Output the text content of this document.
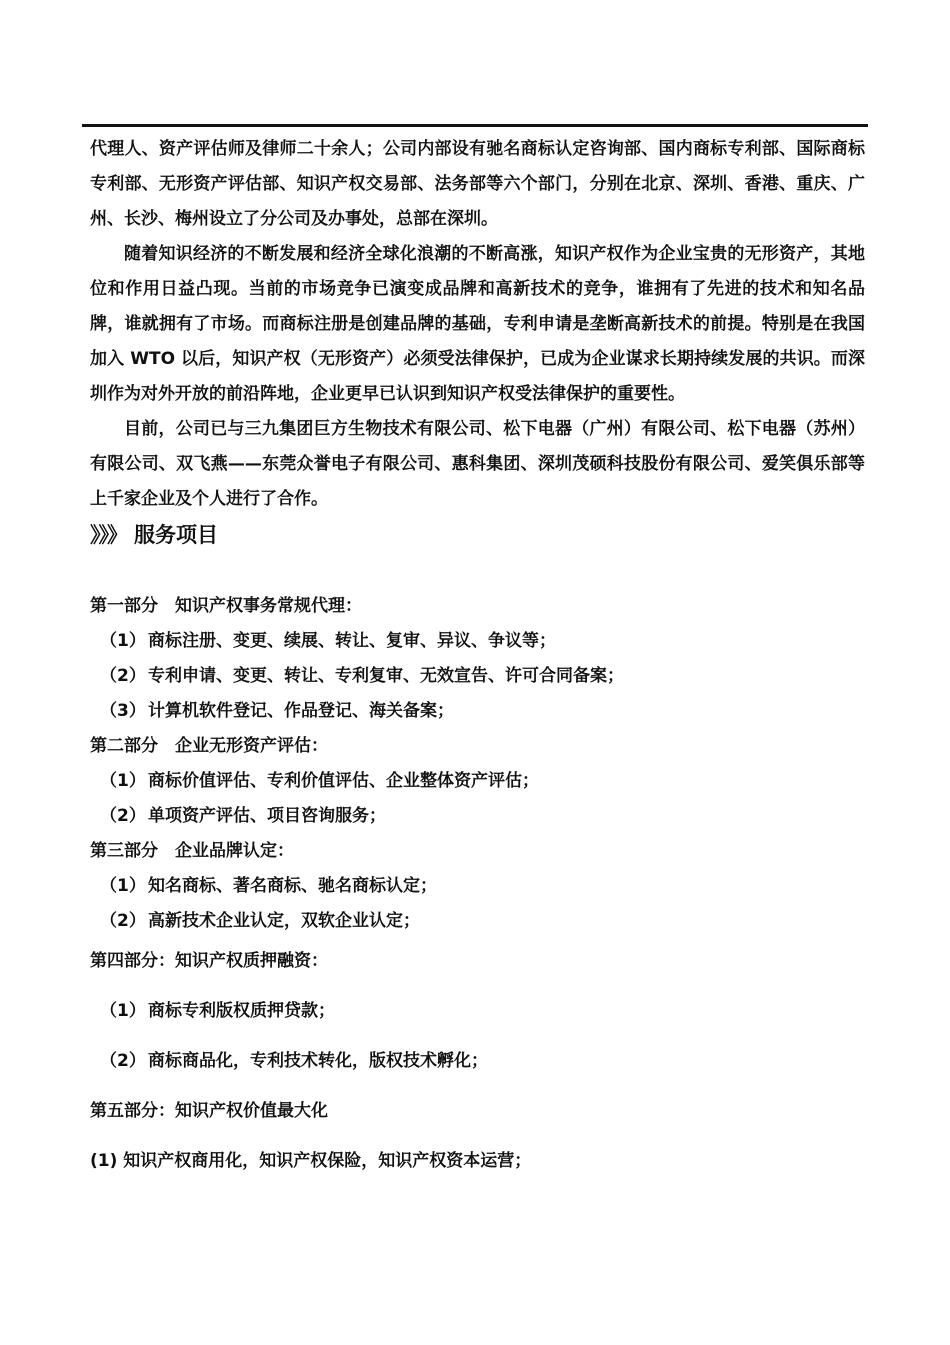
代理人、资产评估师及律师二十余人；公司内部设有驰名商标认定咨询部、国内商标专利部、国际商标专利部、无形资产评估部、知识产权交易部、法务部等六个部门，分别在北京、深圳、香港、重庆、广州、长沙、梅州设立了分公司及办事处，总部在深圳。

随着知识经济的不断发展和经济全球化浪潮的不断高涨，知识产权作为企业宝贵的无形资产，其地位和作用日益凸现。当前的市场竞争已演变成品牌和高新技术的竞争，谁拥有了先进的技术和知名品牌，谁就拥有了市场。而商标注册是创建品牌的基础，专利申请是垄断高新技术的前提。特别是在我国加入 WTO 以后，知识产权（无形资产）必须受法律保护，已成为企业谋求长期持续发展的共识。而深圳作为对外开放的前沿阵地，企业更早已认识到知识产权受法律保护的重要性。

目前，公司已与三九集团巨方生物技术有限公司、松下电器（广州）有限公司、松下电器（苏州） 有限公司、双飞燕——东莞众誉电子有限公司、惠科集团、深圳茂硕科技股份有限公司、爱笑俱乐部等上千家企业及个人进行了合作。

》》》 服务项目

第一部分　知识产权事务常规代理：

（1） 商标注册、变更、续展、转让、复审、异议、争议等；

（2） 专利申请、变更、转让、专利复审、无效宣告、许可合同备案；

（3） 计算机软件登记、作品登记、海关备案；

第二部分　企业无形资产评估：

（1） 商标价值评估、专利价值评估、企业整体资产评估；

（2） 单项资产评估、项目咨询服务；

第三部分　企业品牌认定：

（1） 知名商标、著名商标、驰名商标认定；

（2） 高新技术企业认定，双软企业认定；

第四部分：知识产权质押融资：

（1） 商标专利版权质押贷款；

（2） 商标商品化，专利技术转化，版权技术孵化；

第五部分：知识产权价值最大化

(1) 知识产权商用化，知识产权保险，知识产权资本运营；
